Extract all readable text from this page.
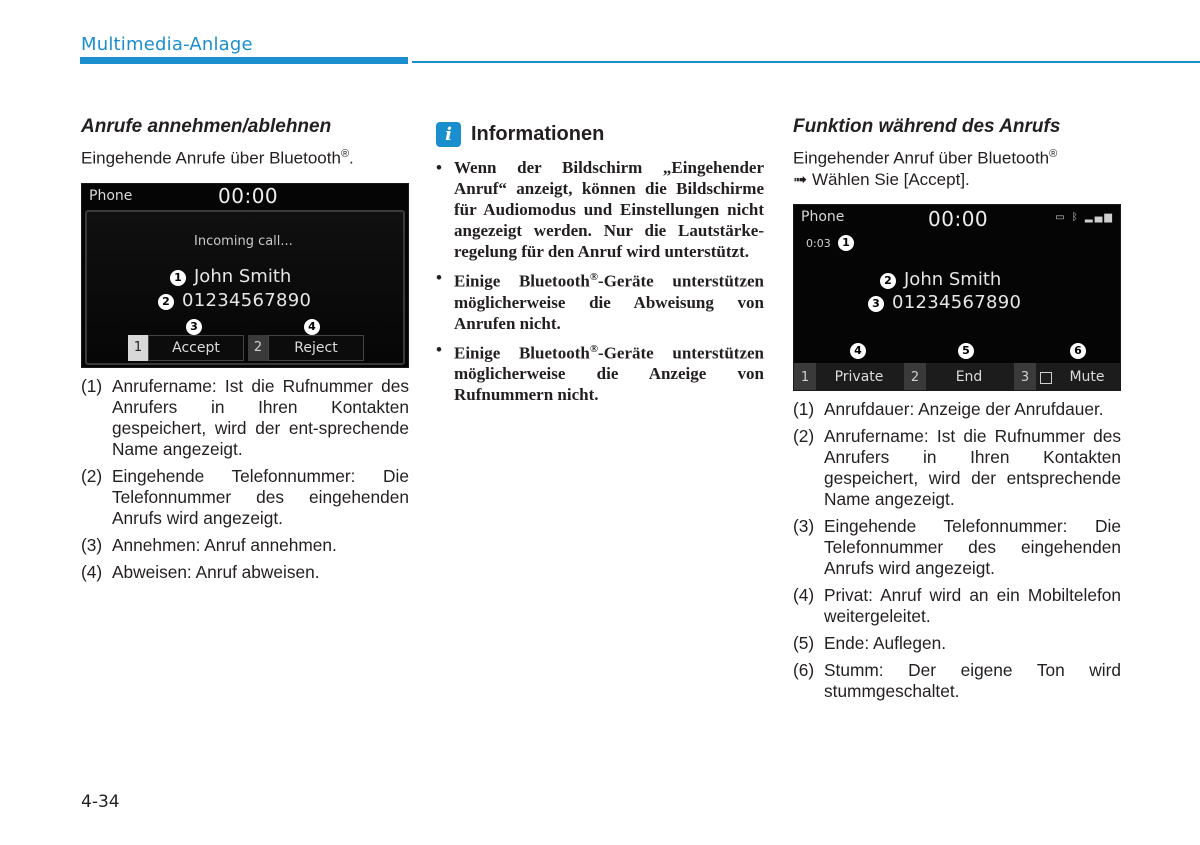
Multimedia-Anlage
Anrufe annehmen/ablehnen
Eingehende Anrufe über Bluetooth®.
Phone	00:00
Incoming call...
1 John Smith
2 01234567890
3	4
1	Accept	2	Reject
(1) Anrufername: Ist die Rufnummer des Anrufers in Ihren Kontakten gespeichert, wird der ent-sprechende Name angezeigt.
(2) Eingehende Telefonnummer: Die Telefonnummer des eingehenden Anrufs wird angezeigt.
(3) Annehmen: Anruf annehmen.
(4) Abweisen: Anruf abweisen.
i Informationen
• Wenn der Bildschirm „Eingehender Anruf“ anzeigt, können die Bildschirme für Audiomodus und Einstellungen nicht angezeigt werden. Nur die Lautstärke-regelung für den Anruf wird unterstützt.
• Einige Bluetooth®-Geräte unterstützen möglicherweise die Abweisung von Anrufen nicht.
• Einige Bluetooth®-Geräte unterstützen möglicherweise die Anzeige von Rufnummern nicht.
Funktion während des Anrufs
Eingehender Anruf über Bluetooth®
➟ Wählen Sie [Accept].
Phone	00:00	▭ ᛒ ▂▄▆
0:03	1
2 John Smith
3 01234567890
4	5	6
1	Private	2	End	3	Mute
(1) Anrufdauer: Anzeige der Anrufdauer.
(2) Anrufername: Ist die Rufnummer des Anrufers in Ihren Kontakten gespeichert, wird der entsprechende Name angezeigt.
(3) Eingehende Telefonnummer: Die Telefonnummer des eingehenden Anrufs wird angezeigt.
(4) Privat: Anruf wird an ein Mobiltelefon weitergeleitet.
(5) Ende: Auflegen.
(6) Stumm: Der eigene Ton wird stummgeschaltet.
4-34
